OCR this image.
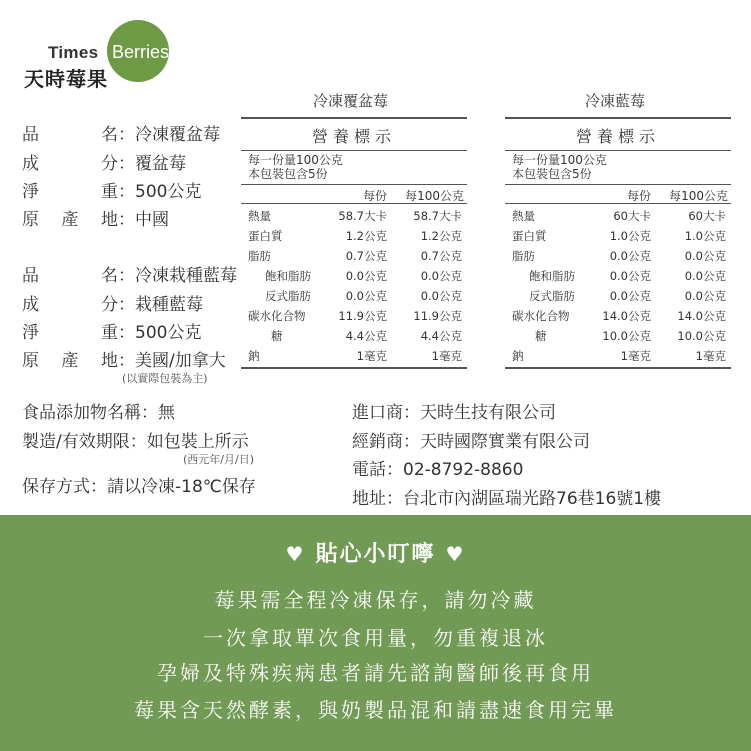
Times Berries
天時莓果
品名：冷凍覆盆莓
成分：覆盆莓
淨重：500公克
原產地：中國
品名：冷凍栽種藍莓
成分：栽種藍莓
淨重：500公克
原產地：美國/加拿大
(以實際包裝為主)
冷凍覆盆莓	冷凍藍莓
營養標示
每一份量100公克
本包裝包含5份
每份 每100公克
熱量	58.7大卡 58.7大卡
蛋白質	1.2公克	1.2公克
脂肪	0.7公克	0.7公克
飽和脂肪	0.0公克	0.0公克
反式脂肪	0.0公克	0.0公克
碳水化合物	11.9公克 11.9公克
糖	4.4公克	4.4公克
鈉	1毫克	1毫克
營養標示
每一份量100公克
本包裝包含5份
每份 每100公克
熱量	60大卡	60大卡
蛋白質	1.0公克	1.0公克
脂肪	0.0公克	0.0公克
飽和脂肪	0.0公克	0.0公克
反式脂肪	0.0公克	0.0公克
碳水化合物	14.0公克 14.0公克
糖	10.0公克 10.0公克
鈉	1毫克	1毫克
食品添加物名稱：無
製造/有效期限：如包裝上所示
(西元年/月/日)
保存方式：請以冷凍-18℃保存
進口商：天時生技有限公司
經銷商：天時國際實業有限公司
電話：02-8792-8860
地址：台北市內湖區瑞光路76巷16號1樓
♥ 貼心小叮嚀 ♥
莓果需全程冷凍保存，請勿冷藏
一次拿取單次食用量，勿重複退冰
孕婦及特殊疾病患者請先諮詢醫師後再食用
莓果含天然酵素，與奶製品混和請盡速食用完畢
